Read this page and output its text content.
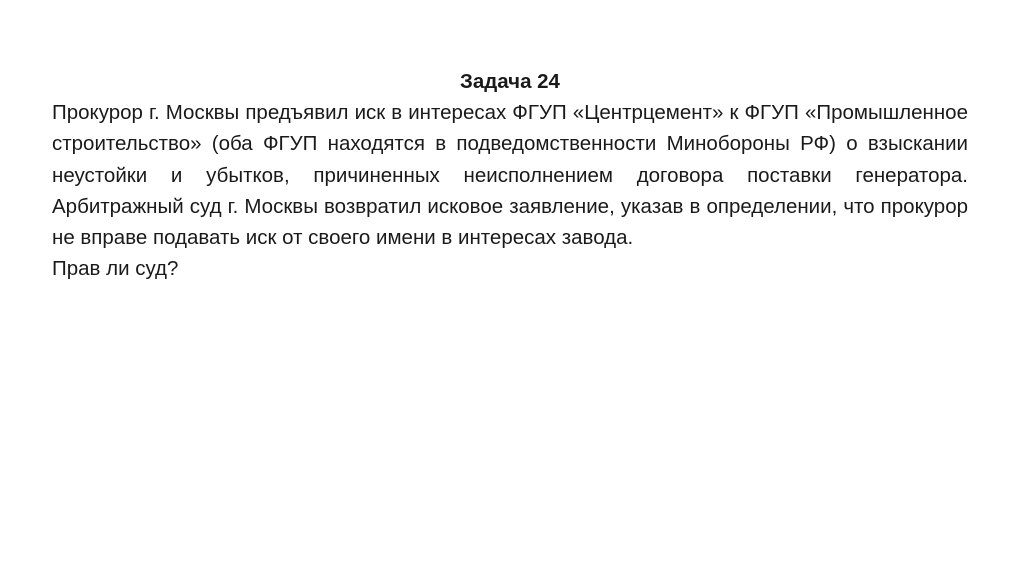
Задача 24

Прокурор г. Москвы предъявил иск в интересах ФГУП «Центрцемент» к ФГУП «Промышленное строительство» (оба ФГУП находятся в подведомственности Минобороны РФ) о взыскании неустойки и убытков, причиненных неисполнением договора поставки генератора. Арбитражный суд г. Москвы возвратил исковое заявление, указав в определении, что прокурор не вправе подавать иск от своего имени в интересах завода.

Прав ли суд?
